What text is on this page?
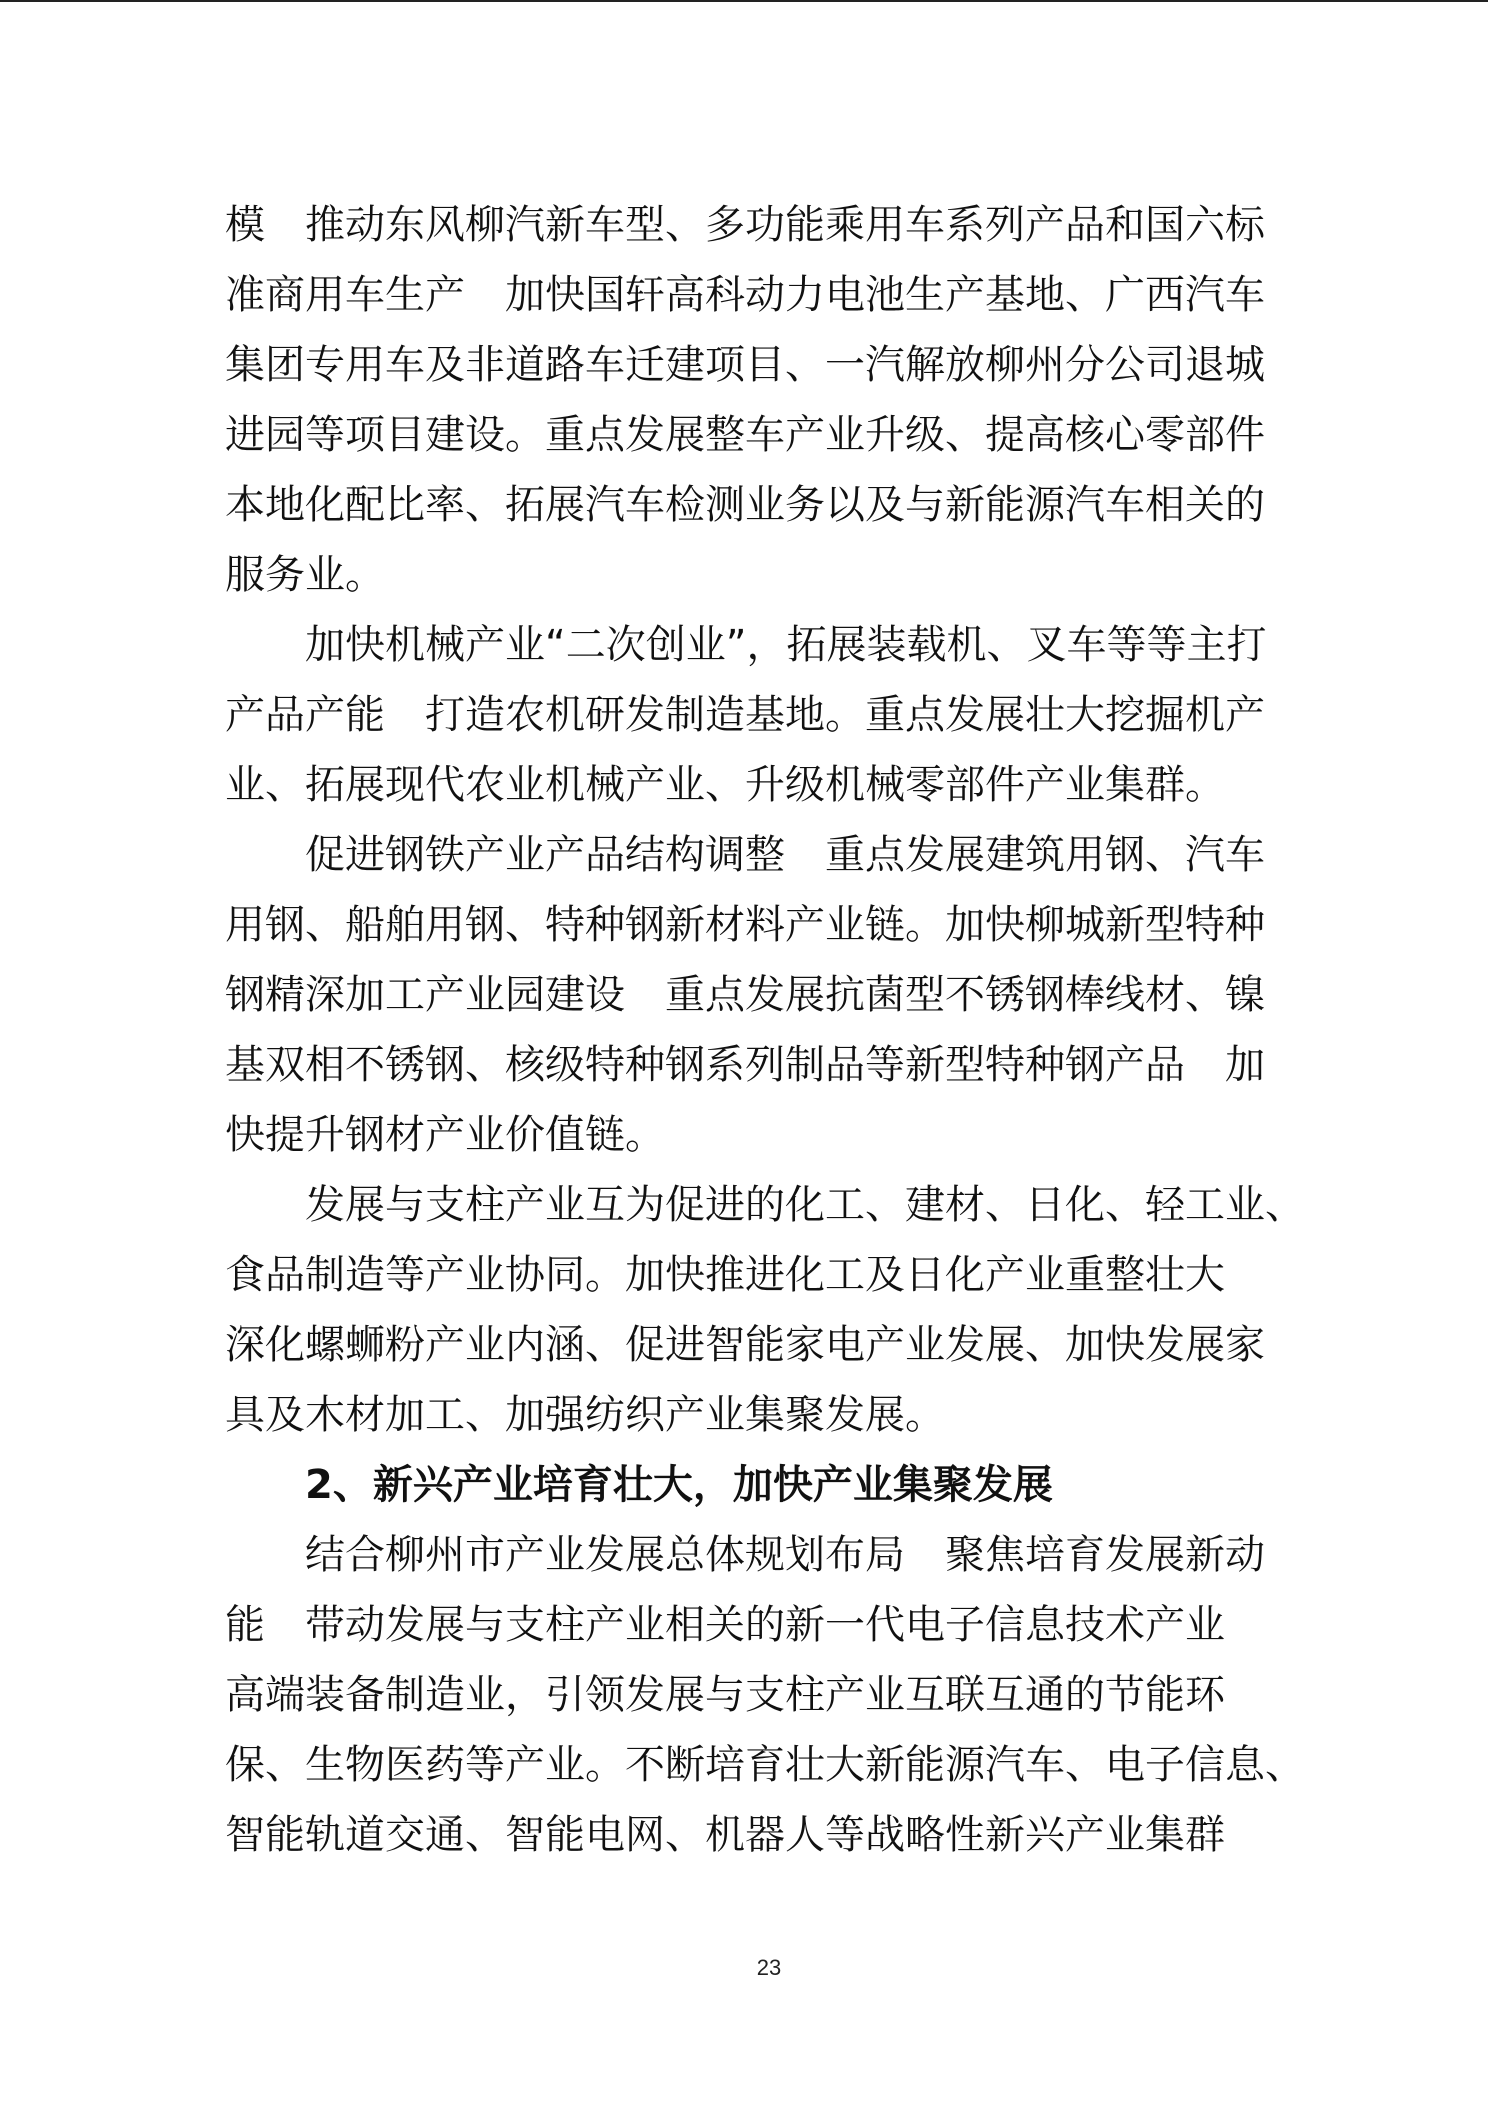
模　推动东风柳汽新车型、多功能乘用车系列产品和国六标
准商用车生产　加快国轩高科动力电池生产基地、广西汽车
集团专用车及非道路车迁建项目、一汽解放柳州分公司退城
进园等项目建设。重点发展整车产业升级、提高核心零部件
本地化配比率、拓展汽车检测业务以及与新能源汽车相关的
服务业。
加快机械产业“二次创业”，拓展装载机、叉车等等主打
产品产能　打造农机研发制造基地。重点发展壮大挖掘机产
业、拓展现代农业机械产业、升级机械零部件产业集群。
促进钢铁产业产品结构调整　重点发展建筑用钢、汽车
用钢、船舶用钢、特种钢新材料产业链。加快柳城新型特种
钢精深加工产业园建设　重点发展抗菌型不锈钢棒线材、镍
基双相不锈钢、核级特种钢系列制品等新型特种钢产品　加
快提升钢材产业价值链。
发展与支柱产业互为促进的化工、建材、日化、轻工业、
食品制造等产业协同。加快推进化工及日化产业重整壮大
深化螺蛳粉产业内涵、促进智能家电产业发展、加快发展家
具及木材加工、加强纺织产业集聚发展。
2、新兴产业培育壮大，加快产业集聚发展
结合柳州市产业发展总体规划布局　聚焦培育发展新动
能　带动发展与支柱产业相关的新一代电子信息技术产业
高端装备制造业，引领发展与支柱产业互联互通的节能环
保、生物医药等产业。不断培育壮大新能源汽车、电子信息、
智能轨道交通、智能电网、机器人等战略性新兴产业集群
23
